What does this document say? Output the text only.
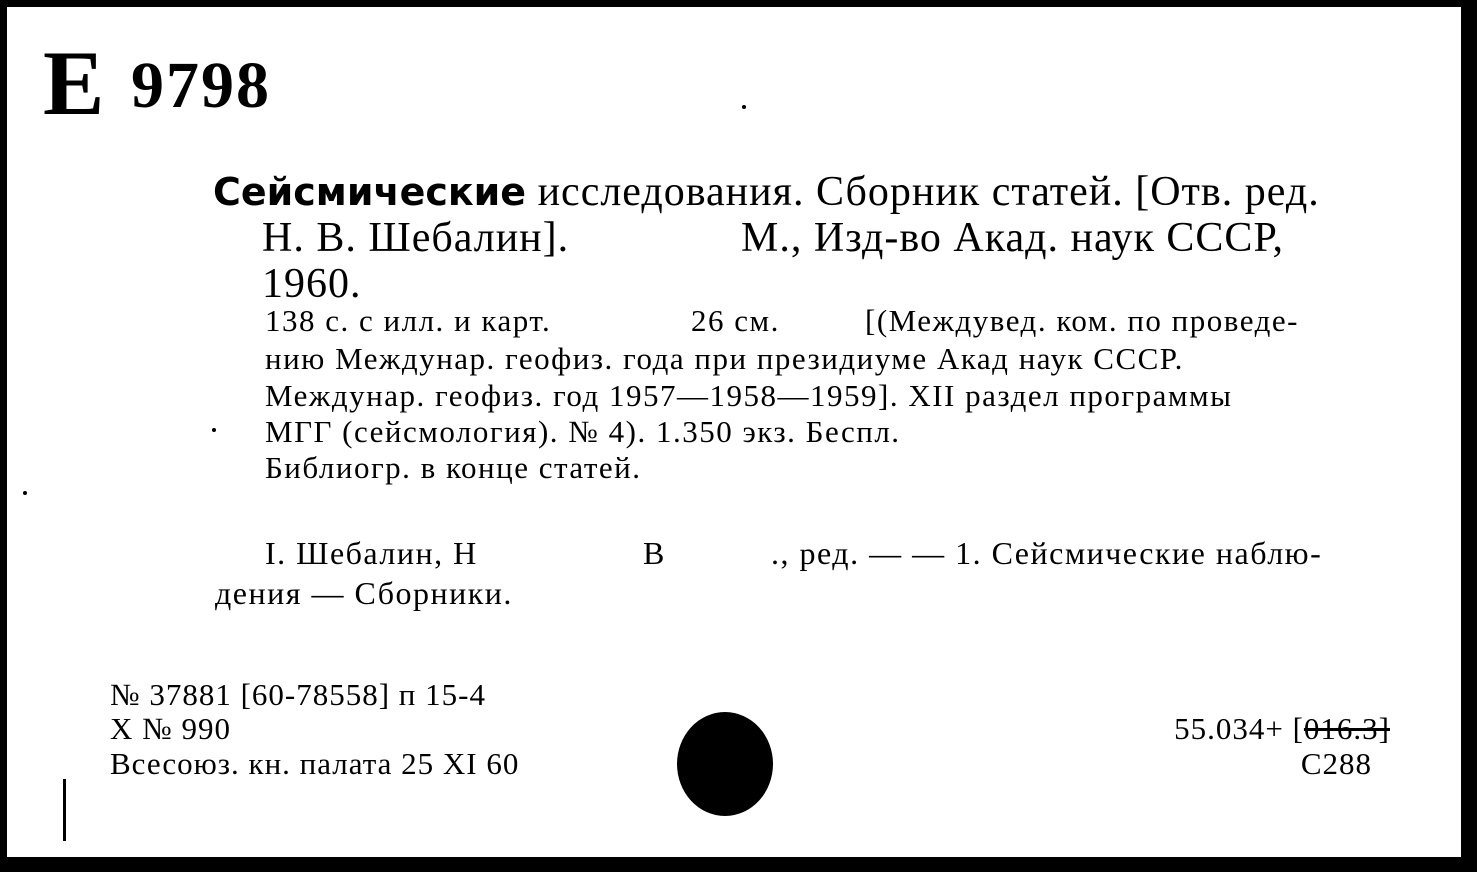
Е 9798
Сейсмические исследования. Сборник статей. [Отв. ред.
Н. В. Шебалин].	М., Изд-во Акад. наук СССР,
1960.
138 с. с илл. и карт.	26 см.	[(Междувед. ком. по проведе-
нию Междунар. геофиз. года при президиуме Акад наук СССР.
Междунар. геофиз. год 1957—1958—1959]. XII раздел программы
МГГ (сейсмология). № 4). 1.350 экз. Беспл.
Библиогр. в конце статей.
I. Шебалин, Н	В	., ред. — — 1. Сейсмические наблю-
дения — Сборники.
№ 37881 [60-78558] п 15-4
Х № 990
Всесоюз. кн. палата 25 XI 60
55.034+ [016.3]
С288
